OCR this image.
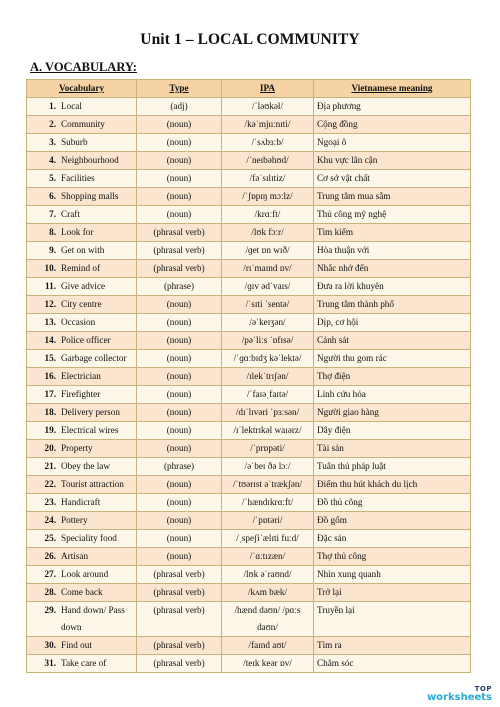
Unit 1 – LOCAL COMMUNITY
A. VOCABULARY:
Vocabulary	Type	IPA	Vietnamese meaning
1. Local	(adj)	/ˈləʊkəl/	Địa phương
2. Community	(noun)	/kəˈmjuːnɪti/	Cộng đồng
3. Suburb	(noun)	/ˈsʌbɜːb/	Ngoại ô
4. Neighbourhood	(noun)	/ˈneɪbəhʊd/	Khu vực lân cận
5. Facilities	(noun)	/fəˈsɪlɪtiz/	Cơ sở vật chất
6. Shopping malls	(noun)	/ˈʃɒpɪŋ mɔːlz/	Trung tâm mua sắm
7. Craft	(noun)	/krɑːft/	Thủ công mỹ nghệ
8. Look for	(phrasal verb)	/lʊk fɔːr/	Tìm kiếm
9. Get on with	(phrasal verb)	/ɡet ɒn wɪð/	Hòa thuận với
10. Remind of	(phrasal verb)	/rɪˈmaɪnd ɒv/	Nhắc nhở đến
11. Give advice	(phrase)	/ɡɪv ədˈvaɪs/	Đưa ra lời khuyên
12. City centre	(noun)	/ˈsɪti ˈsentə/	Trung tâm thành phố
13. Occasion	(noun)	/əˈkeɪʒən/	Dịp, cơ hội
14. Police officer	(noun)	/pəˈliːs ˈɒfɪsə/	Cảnh sát
15. Garbage collector	(noun)	/ˈɡɑːbɪdʒ kəˈlektə/	Người thu gom rác
16. Electrician	(noun)	/ɪlekˈtrɪʃən/	Thợ điện
17. Firefighter	(noun)	/ˈfaɪəˌfaɪtə/	Lính cứu hỏa
18. Delivery person	(noun)	/dɪˈlɪvəri ˈpɜːsən/	Người giao hàng
19. Electrical wires	(noun)	/ɪˈlektrɪkəl waɪərz/	Dây điện
20. Property	(noun)	/ˈprɒpəti/	Tài sản
21. Obey the law	(phrase)	/əˈbeɪ ðə lɔː/	Tuân thủ pháp luật
22. Tourist attraction	(noun)	/ˈtʊərɪst əˈtrækʃən/	Điểm thu hút khách du lịch
23. Handicraft	(noun)	/ˈhændɪkrɑːft/	Đồ thủ công
24. Pottery	(noun)	/ˈpɒtəri/	Đồ gốm
25. Speciality food	(noun)	/ˌspeʃiˈælɪti fuːd/	Đặc sản
26. Artisan	(noun)	/ˈɑːtɪzæn/	Thợ thủ công
27. Look around	(phrasal verb)	/lʊk əˈraʊnd/	Nhìn xung quanh
28. Come back	(phrasal verb)	/kʌm bæk/	Trở lại
29. Hand down/ Pass down	(phrasal verb)	/hænd daʊn/ /pɑːs daʊn/	Truyền lại
30. Find out	(phrasal verb)	/faɪnd aʊt/	Tìm ra
31. Take care of	(phrasal verb)	/teɪk keər ɒv/	Chăm sóc
TOP
worksheets
